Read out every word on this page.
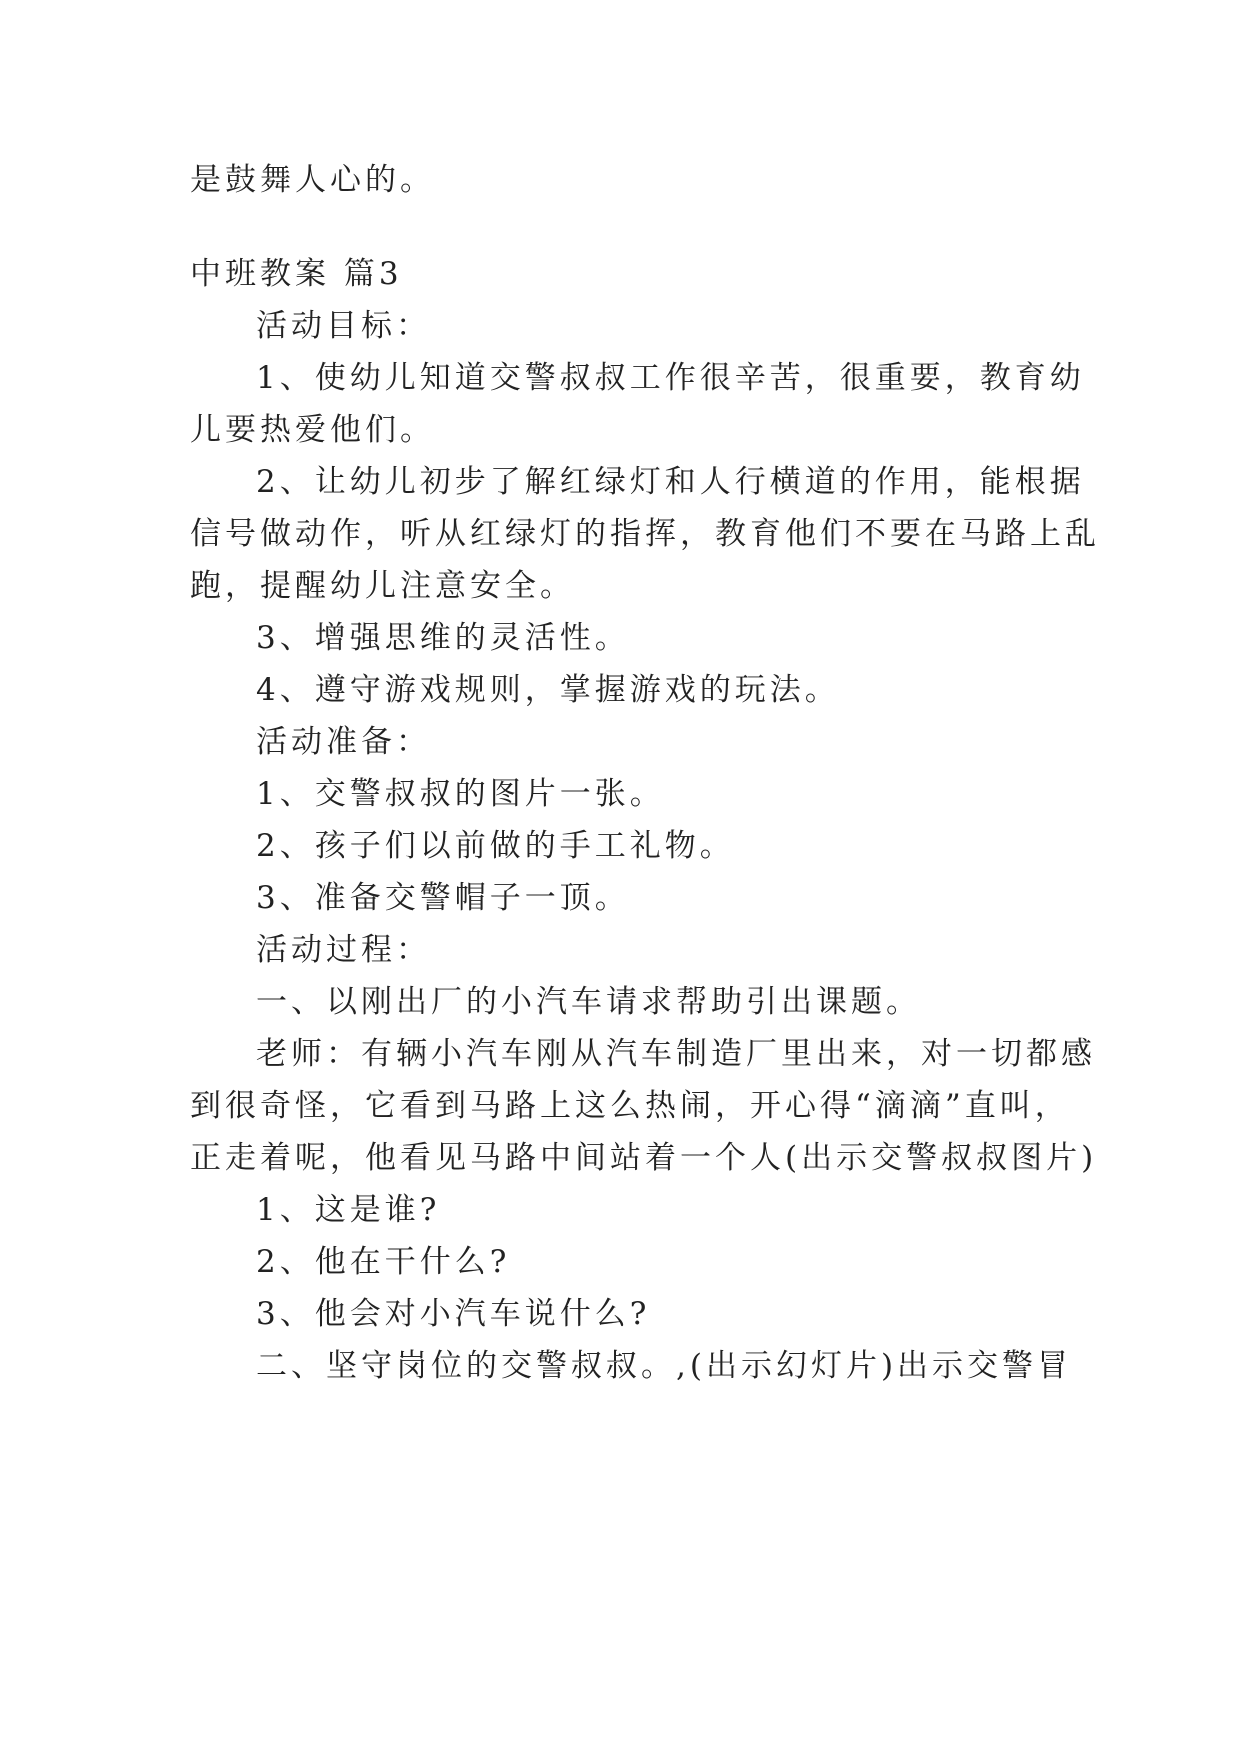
是鼓舞人心的。
中班教案 篇3
活动目标：
1、使幼儿知道交警叔叔工作很辛苦，很重要，教育幼
儿要热爱他们。
2、让幼儿初步了解红绿灯和人行横道的作用，能根据
信号做动作，听从红绿灯的指挥，教育他们不要在马路上乱
跑，提醒幼儿注意安全。
3、增强思维的灵活性。
4、遵守游戏规则，掌握游戏的玩法。
活动准备：
1、交警叔叔的图片一张。
2、孩子们以前做的手工礼物。
3、准备交警帽子一顶。
活动过程：
一、以刚出厂的小汽车请求帮助引出课题。
老师：有辆小汽车刚从汽车制造厂里出来，对一切都感
到很奇怪，它看到马路上这么热闹，开心得“滴滴”直叫，
正走着呢，他看见马路中间站着一个人(出示交警叔叔图片)
1、这是谁?
2、他在干什么?
3、他会对小汽车说什么?
二、坚守岗位的交警叔叔。,(出示幻灯片)出示交警冒
